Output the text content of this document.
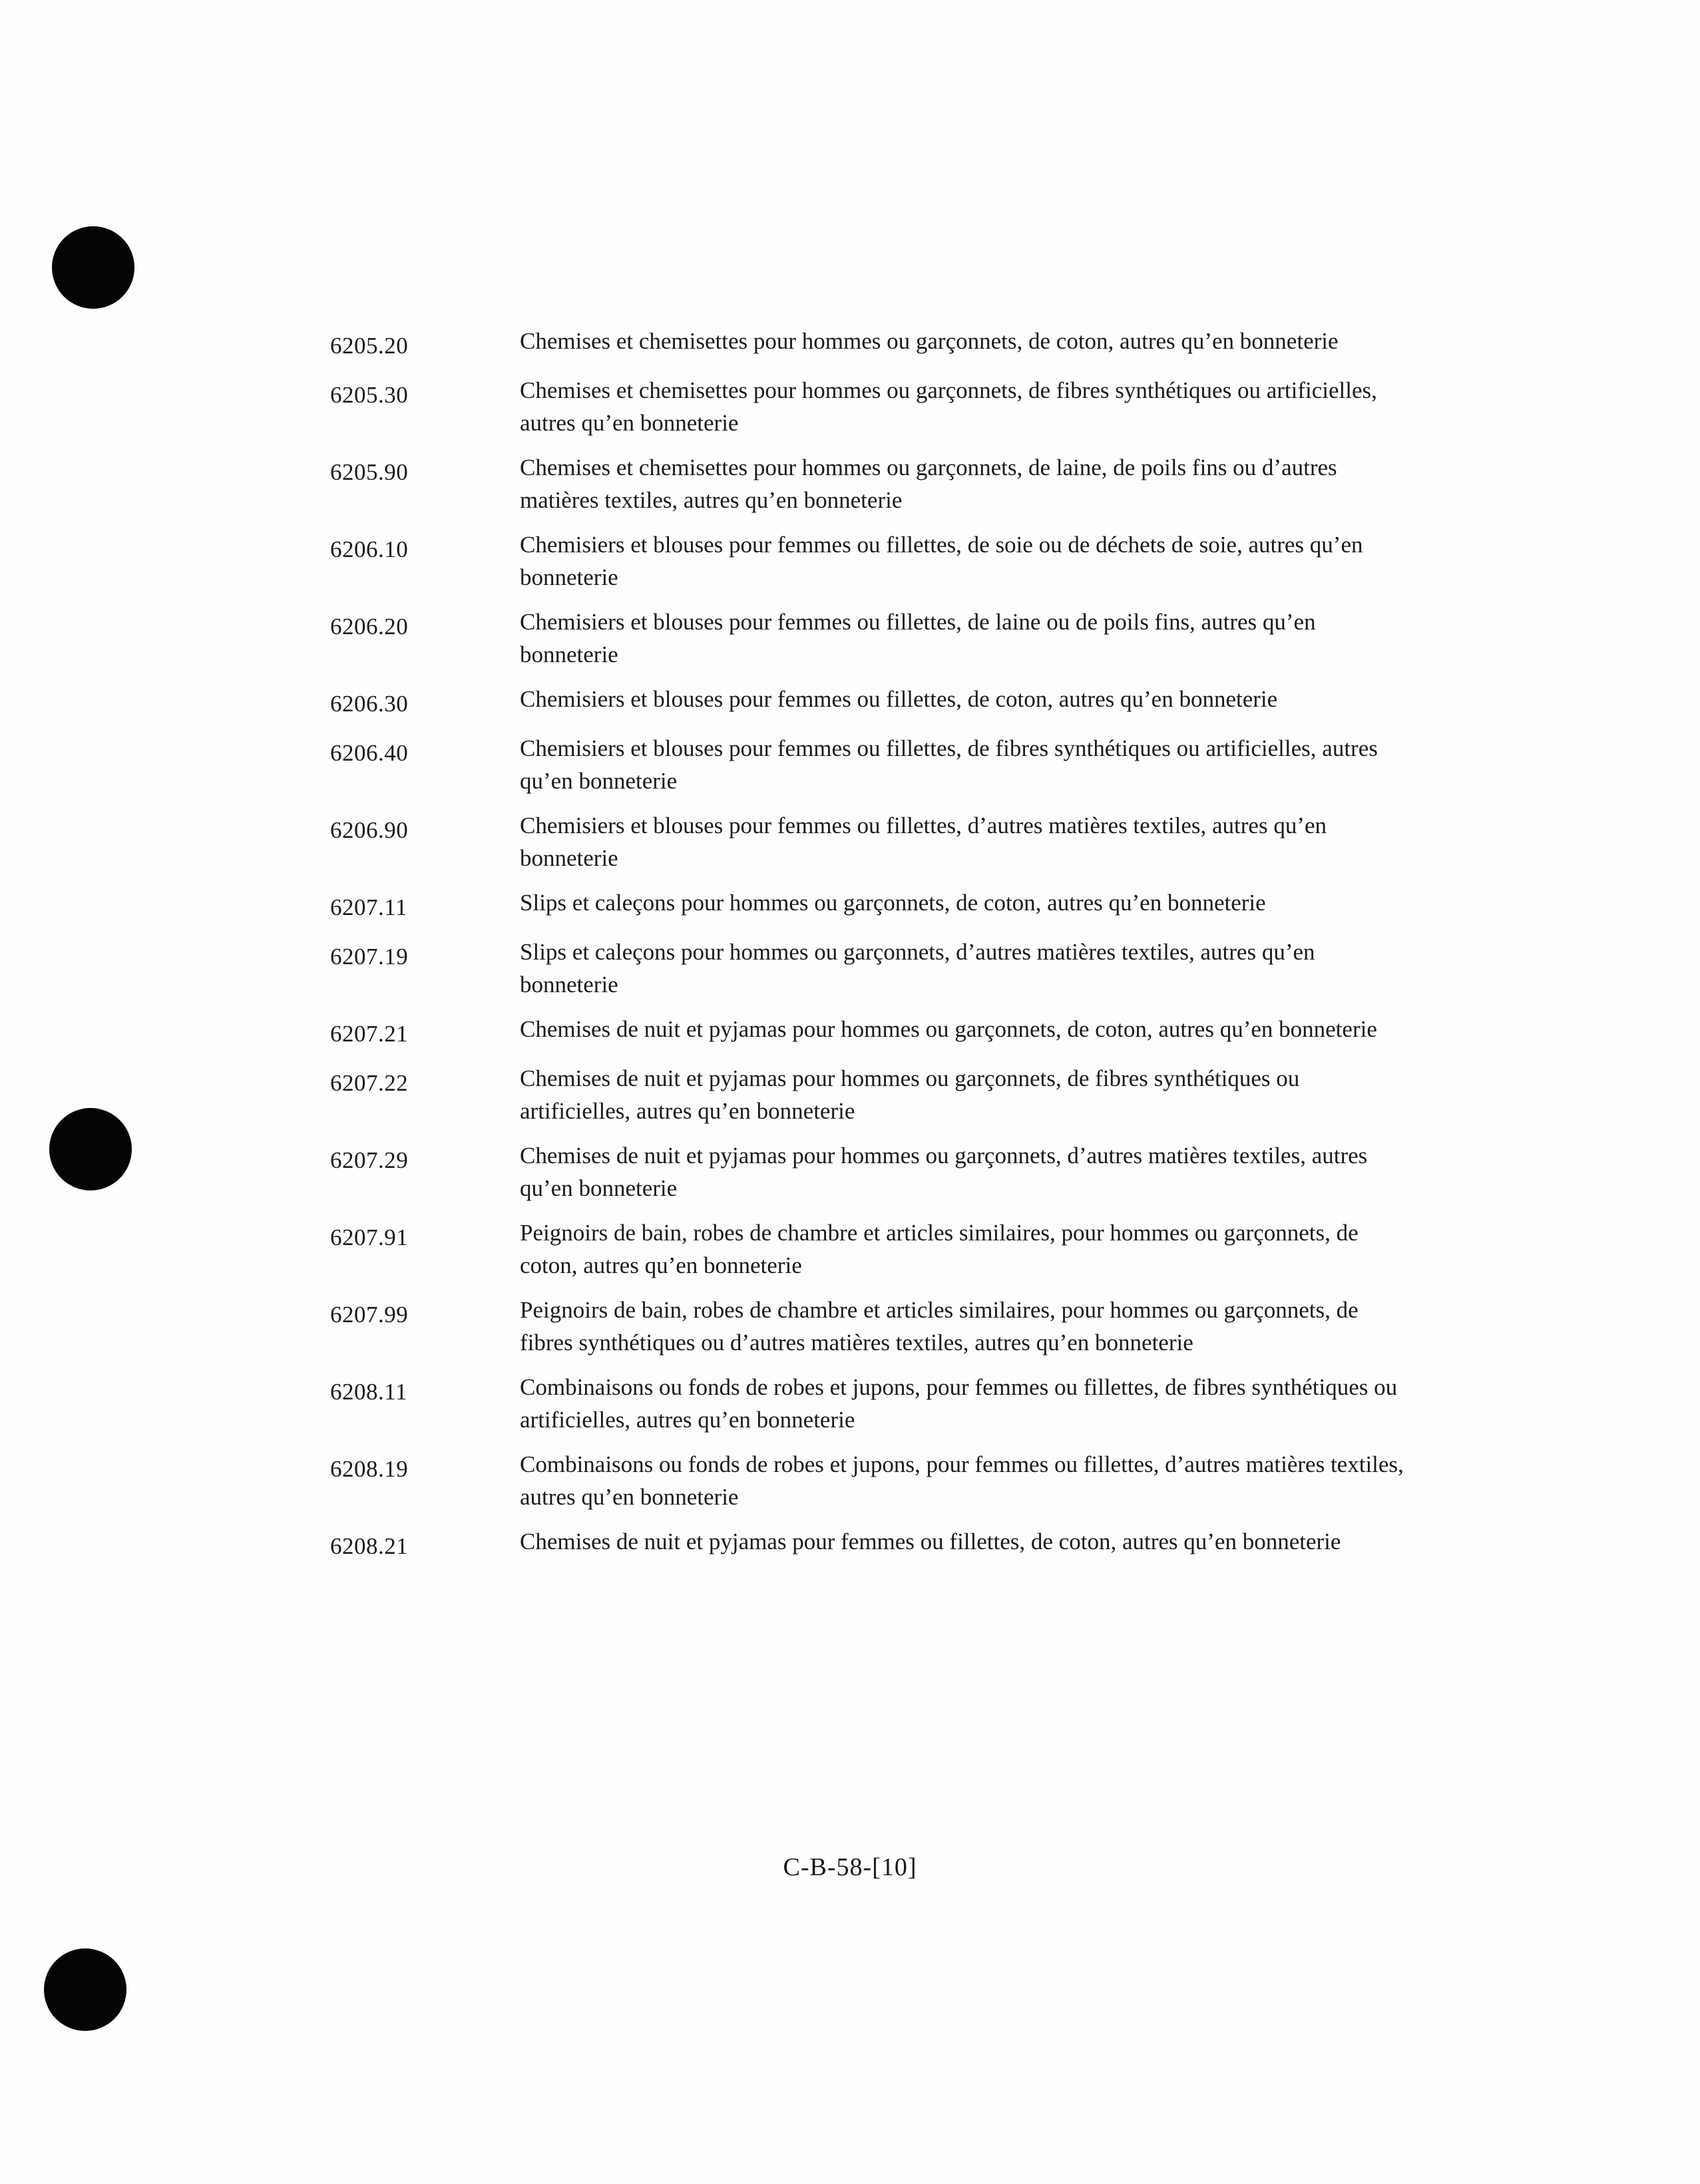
6205.20	Chemises et chemisettes pour hommes ou garçonnets, de coton, autres qu’en bonneterie
6205.30	Chemises et chemisettes pour hommes ou garçonnets, de fibres synthétiques ou artificielles, autres qu’en bonneterie
6205.90	Chemises et chemisettes pour hommes ou garçonnets, de laine, de poils fins ou d’autres matières textiles, autres qu’en bonneterie
6206.10	Chemisiers et blouses pour femmes ou fillettes, de soie ou de déchets de soie, autres qu’en bonneterie
6206.20	Chemisiers et blouses pour femmes ou fillettes, de laine ou de poils fins, autres qu’en bonneterie
6206.30	Chemisiers et blouses pour femmes ou fillettes, de coton, autres qu’en bonneterie
6206.40	Chemisiers et blouses pour femmes ou fillettes, de fibres synthétiques ou artificielles, autres qu’en bonneterie
6206.90	Chemisiers et blouses pour femmes ou fillettes, d’autres matières textiles, autres qu’en bonneterie
6207.11	Slips et caleçons pour hommes ou garçonnets, de coton, autres qu’en bonneterie
6207.19	Slips et caleçons pour hommes ou garçonnets, d’autres matières textiles, autres qu’en bonneterie
6207.21	Chemises de nuit et pyjamas pour hommes ou garçonnets, de coton, autres qu’en bonneterie
6207.22	Chemises de nuit et pyjamas pour hommes ou garçonnets, de fibres synthétiques ou artificielles, autres qu’en bonneterie
6207.29	Chemises de nuit et pyjamas pour hommes ou garçonnets, d’autres matières textiles, autres qu’en bonneterie
6207.91	Peignoirs de bain, robes de chambre et articles similaires, pour hommes ou garçonnets, de coton, autres qu’en bonneterie
6207.99	Peignoirs de bain, robes de chambre et articles similaires, pour hommes ou garçonnets, de fibres synthétiques ou d’autres matières textiles, autres qu’en bonneterie
6208.11	Combinaisons ou fonds de robes et jupons, pour femmes ou fillettes, de fibres synthétiques ou artificielles, autres qu’en bonneterie
6208.19	Combinaisons ou fonds de robes et jupons, pour femmes ou fillettes, d’autres matières textiles, autres qu’en bonneterie
6208.21	Chemises de nuit et pyjamas pour femmes ou fillettes, de coton, autres qu’en bonneterie
C-B-58-[10]
